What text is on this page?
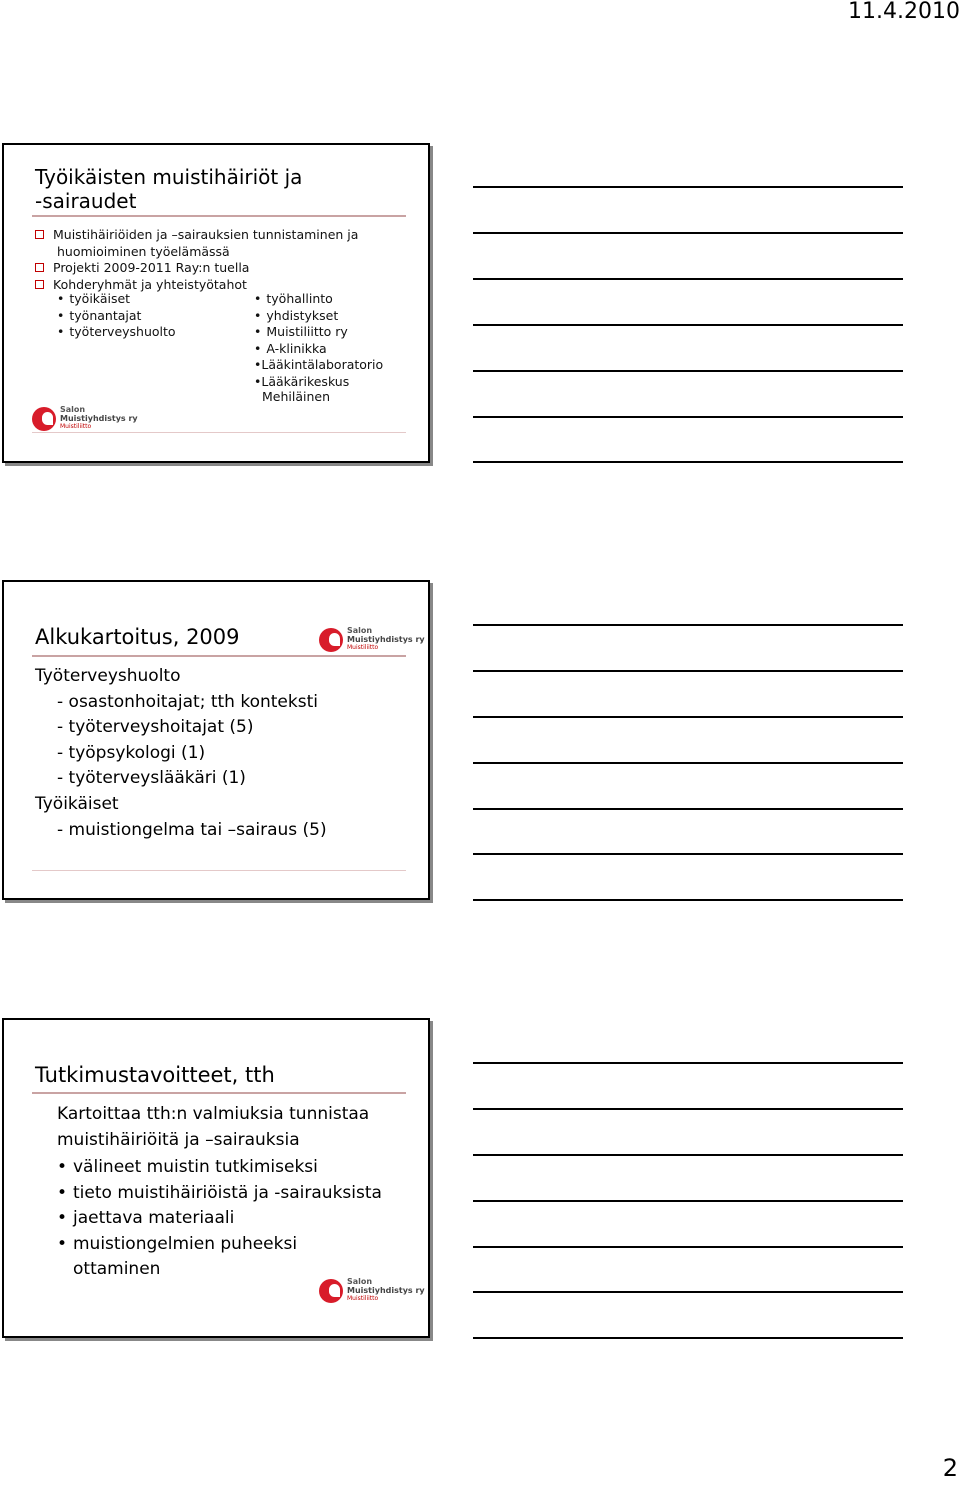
11.4.2010
Työikäisten muistihäiriöt ja
-sairaudet
Muistihäiriöiden ja –sairauksien tunnistaminen ja
huomioiminen työelämässä
Projekti 2009-2011 Ray:n tuella
Kohderyhmät ja yhteistyötahot
• työikäiset
• työnantajat
• työterveyshuolto
• työhallinto
• yhdistykset
• Muistiliitto ry
• A-klinikka
•Lääkintälaboratorio
•Lääkärikeskus
Mehiläinen
Salon
Muistiyhdistys ry
Muistiliitto
Alkukartoitus, 2009	Salon
Muistiyhdistys ry
Muistiliitto
Työterveyshuolto
- osastonhoitajat; tth konteksti
- työterveyshoitajat (5)
- työpsykologi (1)
- työterveyslääkäri (1)
Työikäiset
- muistiongelma tai –sairaus (5)
Tutkimustavoitteet, tth
Kartoittaa tth:n valmiuksia tunnistaa
muistihäiriöitä ja –sairauksia
• välineet muistin tutkimiseksi
• tieto muistihäiriöistä ja -sairauksista
• jaettava materiaali
• muistiongelmien puheeksi
ottaminen
Salon
Muistiyhdistys ry
Muistiliitto
2
